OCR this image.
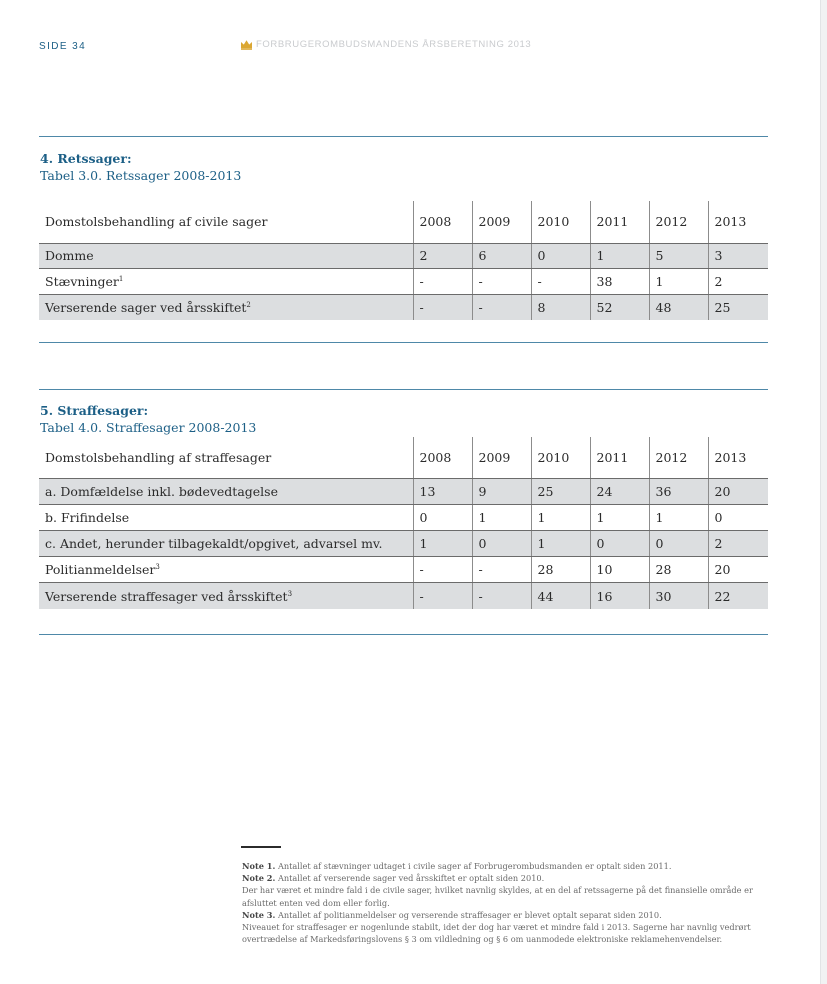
SIDE 34	FORBRUGEROMBUDSMANDENS ÅRSBERETNING 2013
4. Retssager:
Tabel 3.0. Retssager 2008-2013
Domstolsbehandling af civile sager	2008	2009	2010	2011	2012	2013
Domme	2	6	0	1	5	3
Stævninger$^1$	-	-	-	38	1	2
Verserende sager ved årsskiftet$^2$	-	-	8	52	48	25
5. Straffesager:
Tabel 4.0. Straffesager 2008-2013
Domstolsbehandling af straffesager	2008	2009	2010	2011	2012	2013
a. Domfældelse inkl. bødevedtagelse	13	9	25	24	36	20
b. Frifindelse	0	1	1	1	1	0
c. Andet, herunder tilbagekaldt/opgivet, advarsel mv.	1	0	1	0	0	2
Politianmeldelser$^3$	-	-	28	10	28	20
Verserende straffesager ved årsskiftet$^3$	-	-	44	16	30	22

Note 1. Antallet af stævninger udtaget i civile sager af Forbrugerombudsmanden er optalt siden 2011.

Note 2. Antallet af verserende sager ved årsskiftet er optalt siden 2010.

Der har været et mindre fald i de civile sager, hvilket navnlig skyldes, at en del af retssagerne på det finansielle område er afsluttet enten ved dom eller forlig.

Note 3. Antallet af politianmeldelser og verserende straffesager er blevet optalt separat siden 2010.

Niveauet for straffesager er nogenlunde stabilt, idet der dog har været et mindre fald i 2013. Sagerne har navnlig vedrørt overtrædelse af Markedsføringslovens § 3 om vildledning og § 6 om uanmodede elektroniske reklamehenvendelser.
